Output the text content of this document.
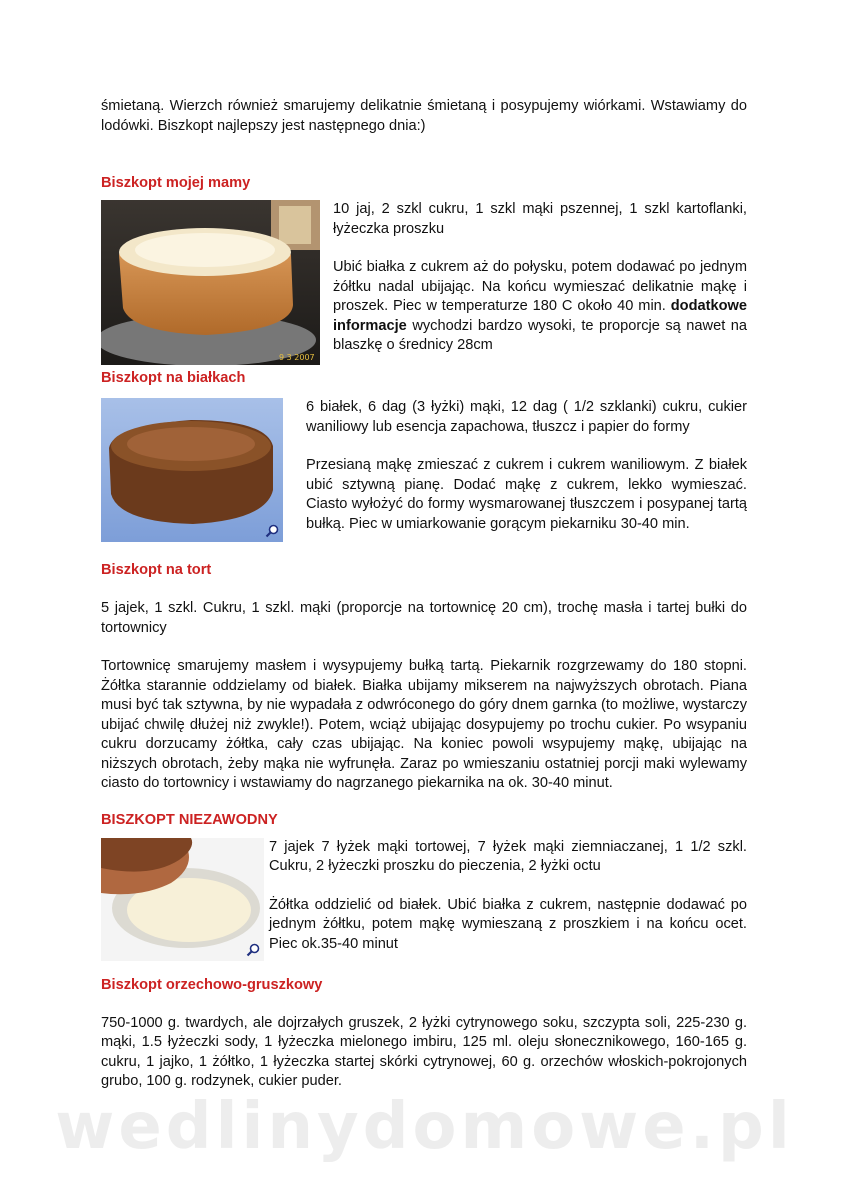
wedlinydomowe.pl

śmietaną. Wierzch również smarujemy delikatnie śmietaną i posypujemy wiórkami. Wstawiamy do lodówki. Biszkopt najlepszy jest następnego dnia:)

Biszkopt mojej mamy
9 3 2007

10 jaj, 2 szkl cukru, 1 szkl mąki pszennej, 1 szkl kartoflanki, łyżeczka proszku

Ubić białka z cukrem aż do połysku, potem dodawać po jednym żółtku nadal ubijając. Na końcu wymieszać delikatnie mąkę i proszek. Piec w temperaturze 180 C około 40 min. dodatkowe informacje wychodzi bardzo wysoki, te proporcje są nawet na blaszkę o średnicy 28cm

Biszkopt na białkach

6 białek, 6 dag (3 łyżki) mąki, 12 dag ( 1/2 szklanki) cukru, cukier waniliowy lub esencja zapachowa, tłuszcz i papier do formy

Przesianą mąkę zmieszać z cukrem i cukrem waniliowym. Z białek ubić sztywną pianę. Dodać mąkę z cukrem, lekko wymieszać. Ciasto wyłożyć do formy wysmarowanej tłuszczem i posypanej tartą bułką. Piec w umiarkowanie gorącym piekarniku 30-40 min.

Biszkopt na tort

5 jajek, 1 szkl. Cukru, 1 szkl. mąki (proporcje na tortownicę 20 cm), trochę masła i tartej bułki do tortownicy

Tortownicę smarujemy masłem i wysypujemy bułką tartą. Piekarnik rozgrzewamy do 180 stopni. Żółtka starannie oddzielamy od białek. Białka ubijamy mikserem na najwyższych obrotach. Piana musi być tak sztywna, by nie wypadała z odwróconego do góry dnem garnka (to możliwe, wystarczy ubijać chwilę dłużej niż zwykle!). Potem, wciąż ubijając dosypujemy po trochu cukier. Po wsypaniu cukru dorzucamy żółtka, cały czas ubijając. Na koniec powoli wsypujemy mąkę, ubijając na niższych obrotach, żeby mąka nie wyfrunęła. Zaraz po wmieszaniu ostatniej porcji maki wylewamy ciasto do tortownicy i wstawiamy do nagrzanego piekarnika na ok. 30-40 minut.

BISZKOPT NIEZAWODNY

7 jajek 7 łyżek mąki tortowej, 7 łyżek mąki ziemniaczanej, 1 1/2 szkl. Cukru, 2 łyżeczki proszku do pieczenia, 2 łyżki octu

Żółtka oddzielić od białek. Ubić białka z cukrem, następnie dodawać po jednym żółtku, potem mąkę wymieszaną z proszkiem i na końcu ocet. Piec ok.35-40 minut

Biszkopt orzechowo-gruszkowy

750-1000 g. twardych, ale dojrzałych gruszek, 2 łyżki cytrynowego soku, szczypta soli, 225-230 g. mąki, 1.5 łyżeczki sody, 1 łyżeczka mielonego imbiru, 125 ml. oleju słonecznikowego, 160-165 g. cukru, 1 jajko, 1 żółtko, 1 łyżeczka startej skórki cytrynowej, 60 g. orzechów włoskich-pokrojonych grubo, 100 g. rodzynek, cukier puder.
